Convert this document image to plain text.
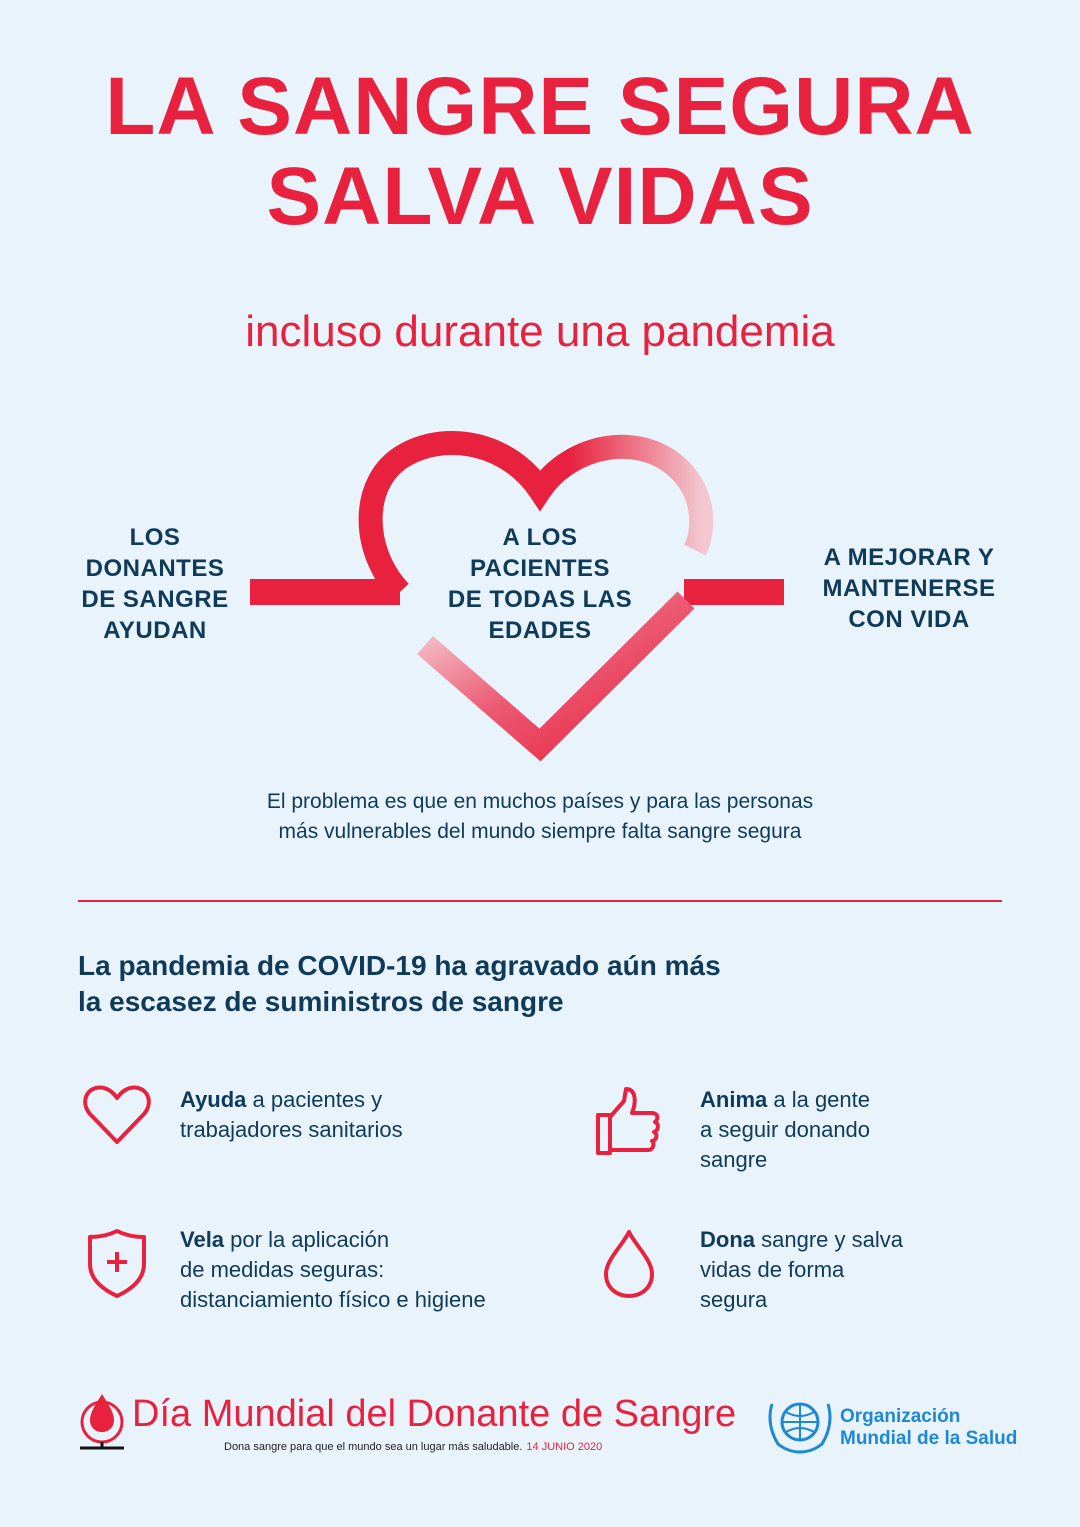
LA SANGRE SEGURA
SALVA VIDAS
incluso durante una pandemia
LOS
DONANTES
DE SANGRE
AYUDAN
A LOS
PACIENTES
DE TODAS LAS
EDADES
A MEJORAR Y
MANTENERSE
CON VIDA
El problema es que en muchos países y para las personas
más vulnerables del mundo siempre falta sangre segura
La pandemia de COVID-19 ha agravado aún más
la escasez de suministros de sangre
Ayuda a pacientes y
trabajadores sanitarios
Anima a la gente
a seguir donando
sangre
Vela por la aplicación
de medidas seguras:
distanciamiento físico e higiene
Dona sangre y salva
vidas de forma
segura
Día Mundial del Donante de Sangre
Dona sangre para que el mundo sea un lugar más saludable. 14 JUNIO 2020
Organización
Mundial de la Salud
